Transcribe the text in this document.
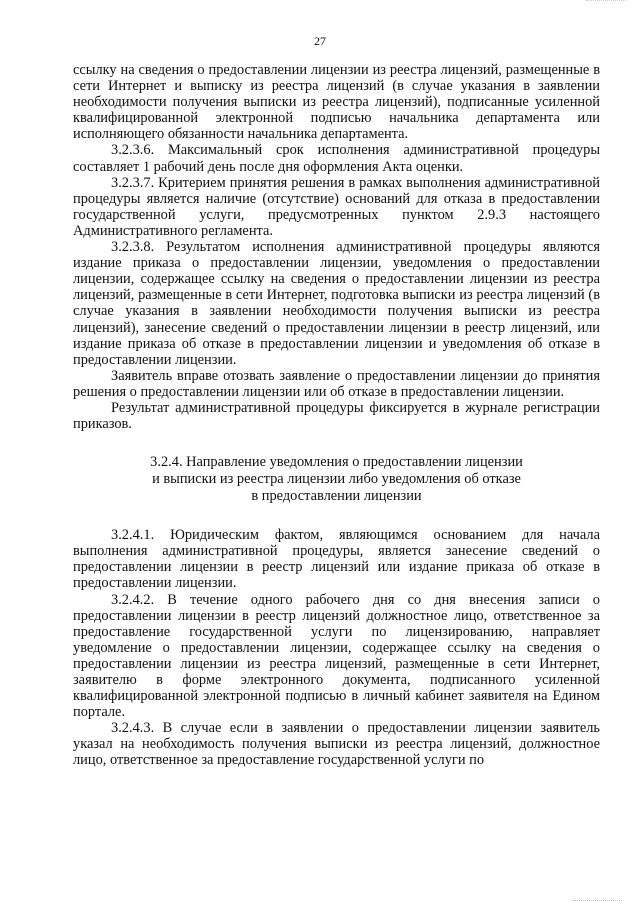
27

ссылку на сведения о предоставлении лицензии из реестра лицензий, размещенные в сети Интернет и выписку из реестра лицензий (в случае указания в заявлении необходимости получения выписки из реестра лицензий), подписанные усиленной квалифицированной электронной подписью начальника департамента или исполняющего обязанности начальника департамента.

3.2.3.6. Максимальный срок исполнения административной процедуры составляет 1 рабочий день после дня оформления Акта оценки.

3.2.3.7. Критерием принятия решения в рамках выполнения административной процедуры является наличие (отсутствие) оснований для отказа в предоставлении государственной услуги, предусмотренных пунктом 2.9.3 настоящего Административного регламента.

3.2.3.8. Результатом исполнения административной процедуры являются издание приказа о предоставлении лицензии, уведомления о предоставлении лицензии, содержащее ссылку на сведения о предоставлении лицензии из реестра лицензий, размещенные в сети Интернет, подготовка выписки из реестра лицензий (в случае указания в заявлении необходимости получения выписки из реестра лицензий), занесение сведений о предоставлении лицензии в реестр лицензий, или издание приказа об отказе в предоставлении лицензии и уведомления об отказе в предоставлении лицензии.

Заявитель вправе отозвать заявление о предоставлении лицензии до принятия решения о предоставлении лицензии или об отказе в предоставлении лицензии.

Результат административной процедуры фиксируется в журнале регистрации приказов.

3.2.4. Направление уведомления о предоставлении лицензии
и выписки из реестра лицензии либо уведомления об отказе
в предоставлении лицензии

3.2.4.1. Юридическим фактом, являющимся основанием для начала выполнения административной процедуры, является занесение сведений о предоставлении лицензии в реестр лицензий или издание приказа об отказе в предоставлении лицензии.

3.2.4.2. В течение одного рабочего дня со дня внесения записи о предоставлении лицензии в реестр лицензий должностное лицо, ответственное за предоставление государственной услуги по лицензированию, направляет уведомление о предоставлении лицензии, содержащее ссылку на сведения о предоставлении лицензии из реестра лицензий, размещенные в сети Интернет, заявителю в форме электронного документа, подписанного усиленной квалифицированной электронной подписью в личный кабинет заявителя на Едином портале.

3.2.4.3. В случае если в заявлении о предоставлении лицензии заявитель указал на необходимость получения выписки из реестра лицензий, должностное лицо, ответственное за предоставление государственной услуги по
